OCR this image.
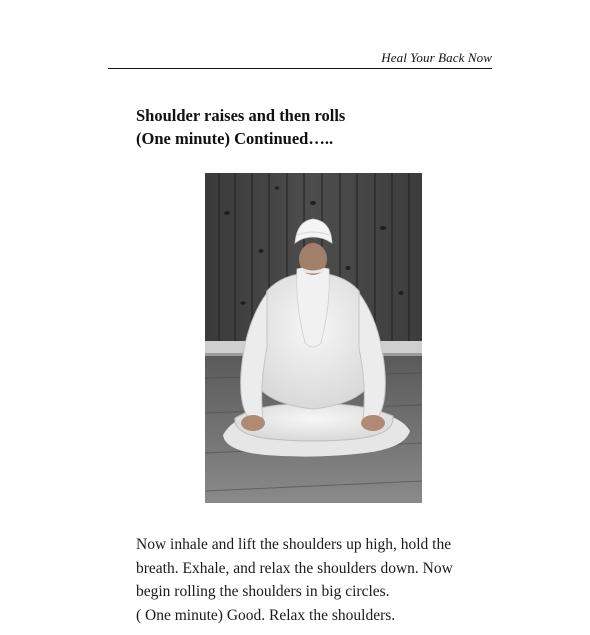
Heal Your Back Now
Shoulder raises and then rolls
(One minute) Continued…..
Now inhale and lift the shoulders up high, hold the
breath. Exhale, and relax the shoulders down. Now
begin rolling the shoulders in big circles.
( One minute) Good. Relax the shoulders.
